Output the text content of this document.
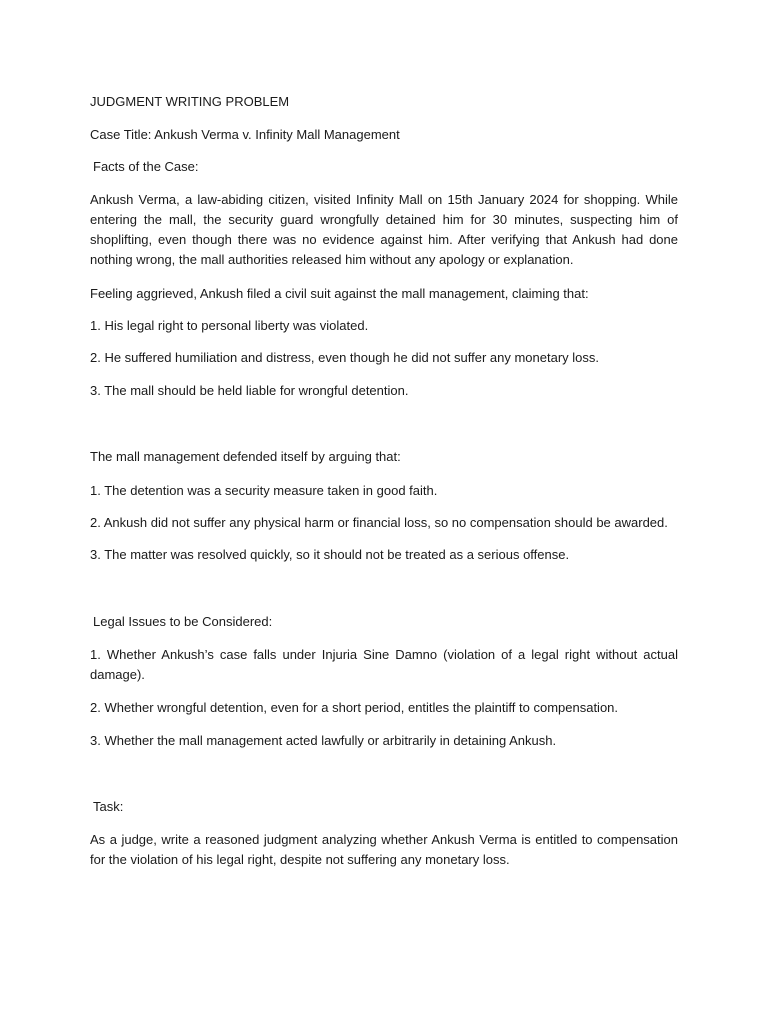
JUDGMENT WRITING PROBLEM

Case Title: Ankush Verma v. Infinity Mall Management

Facts of the Case:

Ankush Verma, a law-abiding citizen, visited Infinity Mall on 15th January 2024 for shopping. While entering the mall, the security guard wrongfully detained him for 30 minutes, suspecting him of shoplifting, even though there was no evidence against him. After verifying that Ankush had done nothing wrong, the mall authorities released him without any apology or explanation.

Feeling aggrieved, Ankush filed a civil suit against the mall management, claiming that:

1. His legal right to personal liberty was violated.

2. He suffered humiliation and distress, even though he did not suffer any monetary loss.

3. The mall should be held liable for wrongful detention.

The mall management defended itself by arguing that:

1. The detention was a security measure taken in good faith.

2. Ankush did not suffer any physical harm or financial loss, so no compensation should be awarded.

3. The matter was resolved quickly, so it should not be treated as a serious offense.

Legal Issues to be Considered:

1. Whether Ankush’s case falls under Injuria Sine Damno (violation of a legal right without actual damage).

2. Whether wrongful detention, even for a short period, entitles the plaintiff to compensation.

3. Whether the mall management acted lawfully or arbitrarily in detaining Ankush.

Task:

As a judge, write a reasoned judgment analyzing whether Ankush Verma is entitled to compensation for the violation of his legal right, despite not suffering any monetary loss.
